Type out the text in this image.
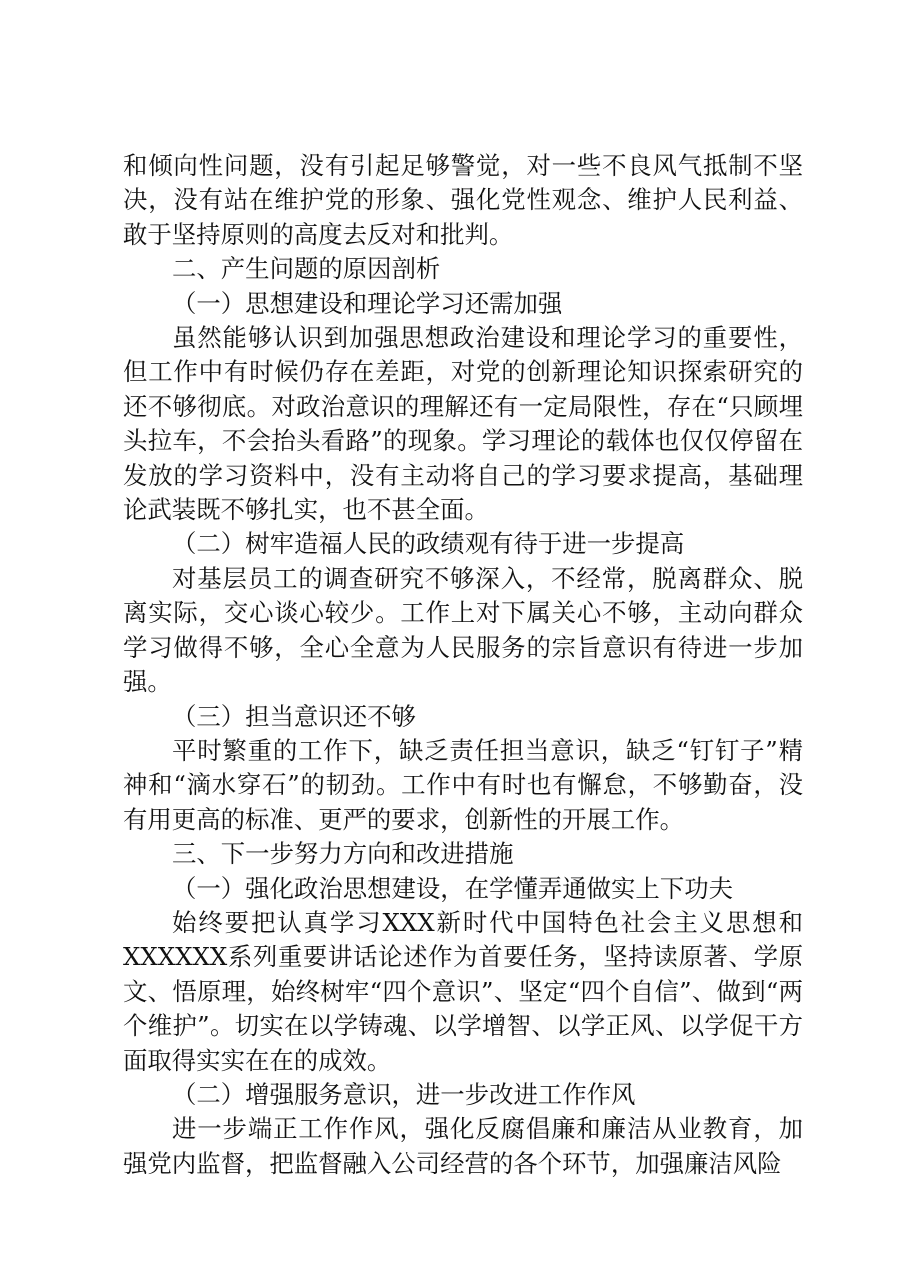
和倾向性问题，没有引起足够警觉，对一些不良风气抵制不坚决，没有站在维护党的形象、强化党性观念、维护人民利益、敢于坚持原则的高度去反对和批判。

二、产生问题的原因剖析

（一）思想建设和理论学习还需加强

虽然能够认识到加强思想政治建设和理论学习的重要性，但工作中有时候仍存在差距，对党的创新理论知识探索研究的还不够彻底。对政治意识的理解还有一定局限性，存在“只顾埋头拉车，不会抬头看路”的现象。学习理论的载体也仅仅停留在发放的学习资料中，没有主动将自己的学习要求提高，基础理论武装既不够扎实，也不甚全面。

（二）树牢造福人民的政绩观有待于进一步提高

对基层员工的调查研究不够深入，不经常，脱离群众、脱离实际，交心谈心较少。工作上对下属关心不够，主动向群众学习做得不够，全心全意为人民服务的宗旨意识有待进一步加强。

（三）担当意识还不够

平时繁重的工作下，缺乏责任担当意识，缺乏“钉钉子”精神和“滴水穿石”的韧劲。工作中有时也有懈怠，不够勤奋，没有用更高的标准、更严的要求，创新性的开展工作。

三、下一步努力方向和改进措施

（一）强化政治思想建设，在学懂弄通做实上下功夫

始终要把认真学习XXX新时代中国特色社会主义思想和XXXXXX系列重要讲话论述作为首要任务，坚持读原著、学原文、悟原理，始终树牢“四个意识”、坚定“四个自信”、做到“两个维护”。切实在以学铸魂、以学增智、以学正风、以学促干方面取得实实在在的成效。

（二）增强服务意识，进一步改进工作作风

进一步端正工作作风，强化反腐倡廉和廉洁从业教育，加强党内监督，把监督融入公司经营的各个环节，加强廉洁风险
